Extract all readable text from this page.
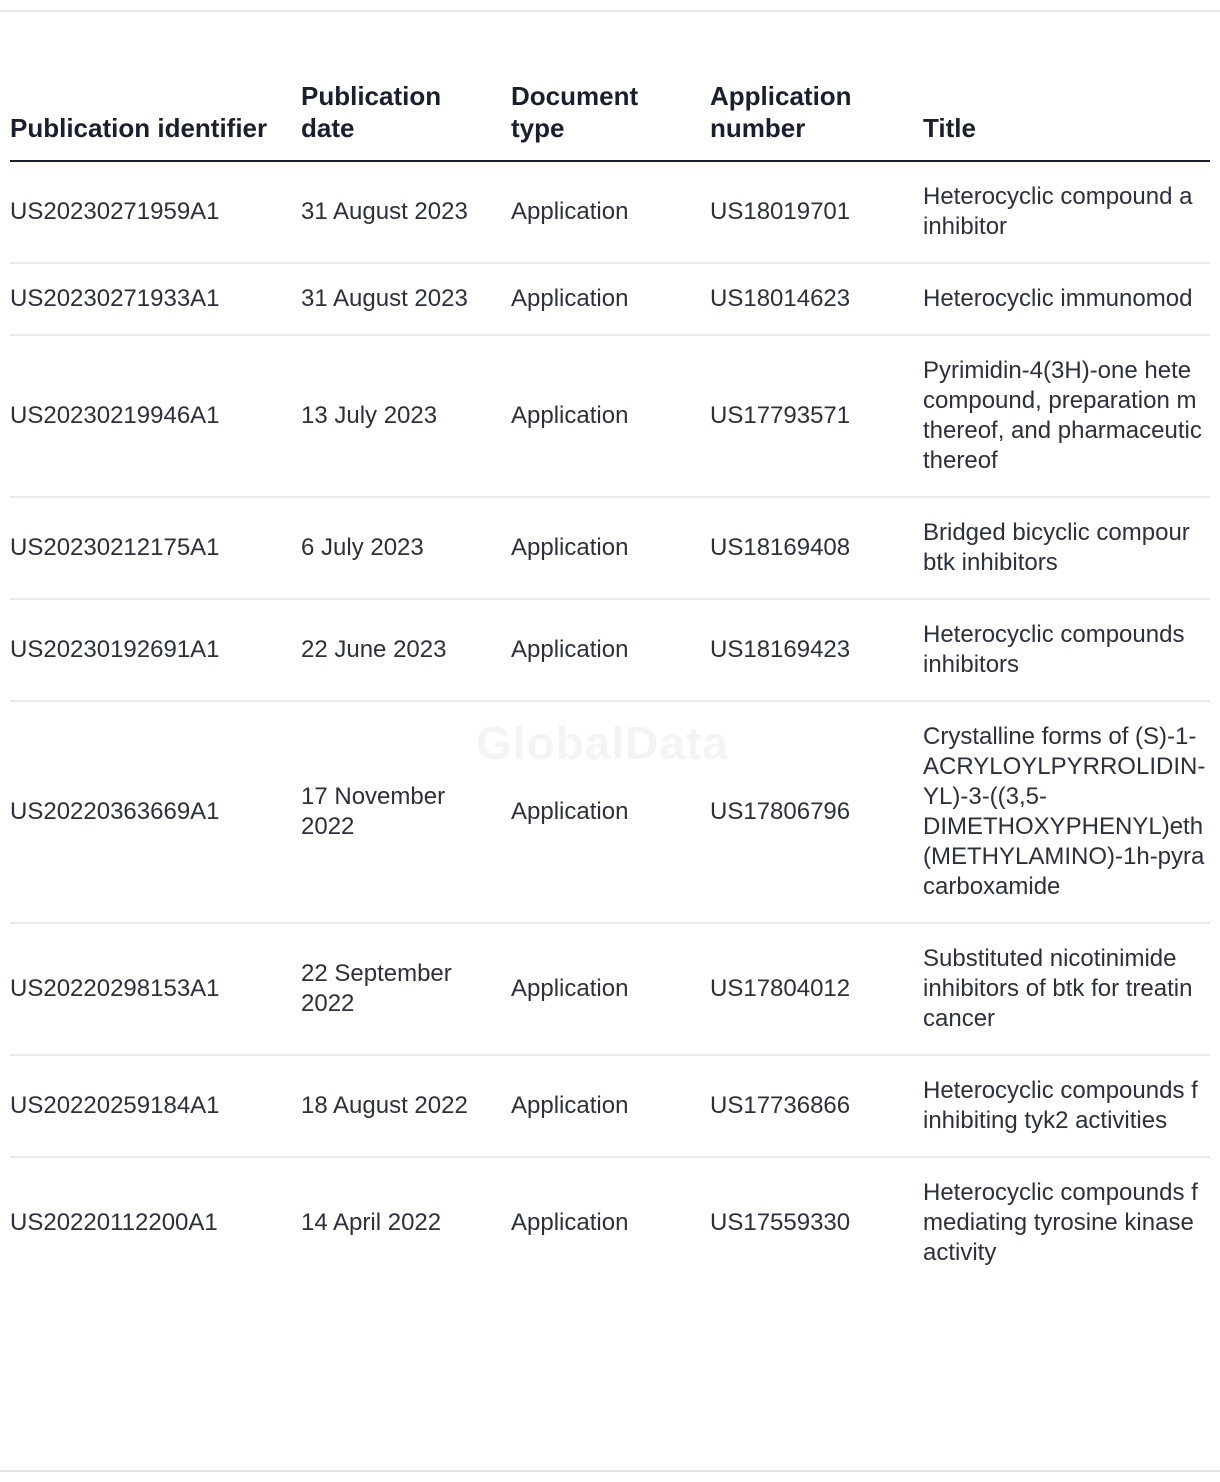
GlobalData
Publication identifier	Publication date	Document type	Application number	Title
US20230271959A1	31 August 2023	Application	US18019701	Heterocyclic compound a inhibitor

US20230271933A1	31 August 2023	Application	US18014623	Heterocyclic immunomod

US20230219946A1	13 July 2023	Application	US17793571	Pyrimidin-4(3H)-one hete compound, preparation m thereof, and pharmaceutic thereof

US20230212175A1	6 July 2023	Application	US18169408	Bridged bicyclic compour btk inhibitors

US20230192691A1	22 June 2023	Application	US18169423	Heterocyclic compounds inhibitors

US20220363669A1	17 November 2022	Application	US17806796	Crystalline forms of (S)-1- ACRYLOYLPYRROLIDIN- YL)-3-((3,5- DIMETHOXYPHENYL)eth (METHYLAMINO)-1h-pyra carboxamide

US20220298153A1	22 September 2022	Application	US17804012	Substituted nicotinimide inhibitors of btk for treatin cancer

US20220259184A1	18 August 2022	Application	US17736866	Heterocyclic compounds f inhibiting tyk2 activities

US20220112200A1	14 April 2022	Application	US17559330	Heterocyclic compounds f mediating tyrosine kinase activity
